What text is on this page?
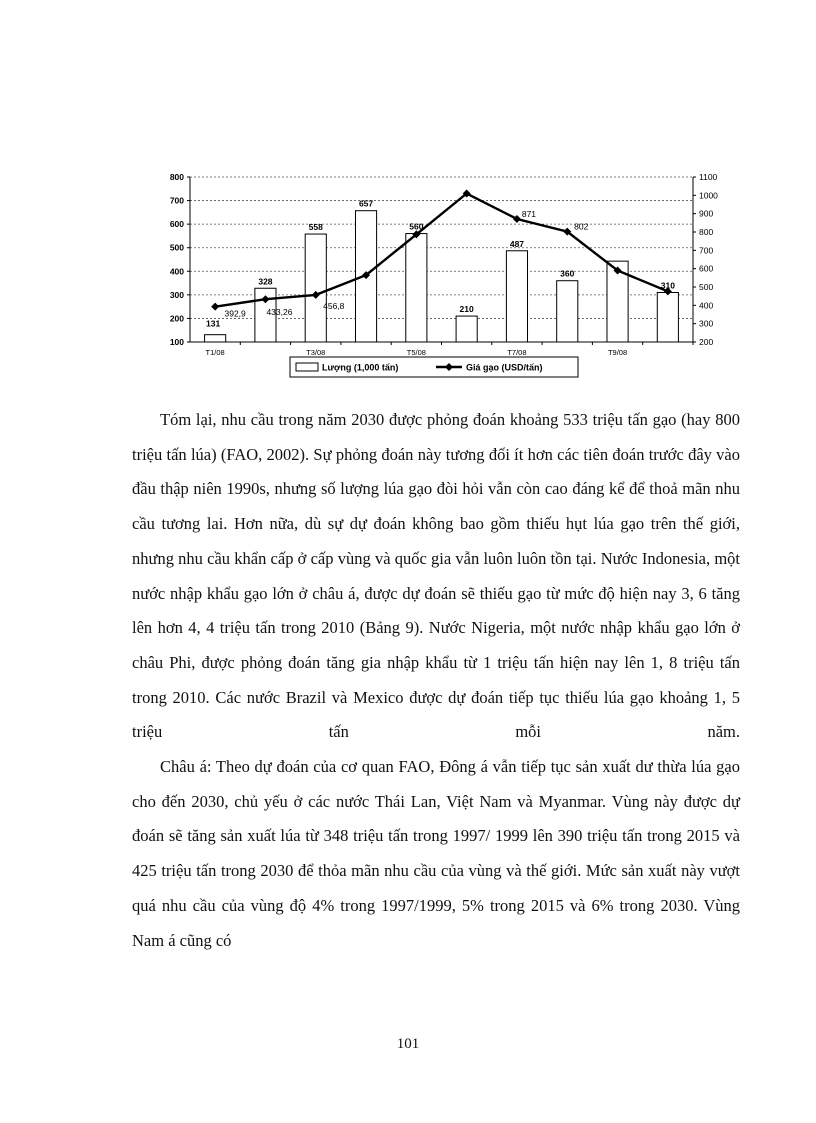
100
200
300
400
500
600
700
800
200
300
400
500
600
700
800
900
1000
1100
T1/08	T3/08	T5/08	T7/08	T9/08
131
328
558
657
560
210
487
360
310
392,9 433,26
456,8
871
802
Lượng (1,000 tấn)	Giá gạo (USD/tấn)

Tóm lại, nhu cầu trong năm 2030 được phỏng đoán khoảng 533 triệu tấn gạo (hay 800 triệu tấn lúa) (FAO, 2002). Sự phỏng đoán này tương đối ít hơn các tiên đoán trước đây vào đầu thập niên 1990s, nhưng số lượng lúa gạo đòi hỏi vẫn còn cao đáng kể để thoả mãn nhu cầu tương lai. Hơn nữa, dù sự dự đoán không bao gồm thiếu hụt lúa gạo trên thế giới, nhưng nhu cầu khẩn cấp ở cấp vùng và quốc gia vẫn luôn luôn tồn tại. Nước Indonesia, một nước nhập khẩu gạo lớn ở châu á, được dự đoán sẽ thiếu gạo từ mức độ hiện nay 3, 6 tăng lên hơn 4, 4 triệu tấn trong 2010 (Bảng 9). Nước Nigeria, một nước nhập khẩu gạo lớn ở châu Phi, được phỏng đoán tăng gia nhập khẩu từ 1 triệu tấn hiện nay lên 1, 8 triệu tấn trong 2010. Các nước Brazil và Mexico được dự đoán tiếp tục thiếu lúa gạo khoảng 1, 5 triệu tấn mỗi năm.

Châu á: Theo dự đoán của cơ quan FAO, Đông á vẫn tiếp tục sản xuất dư thừa lúa gạo cho đến 2030, chủ yếu ở các nước Thái Lan, Việt Nam và Myanmar. Vùng này được dự đoán sẽ tăng sản xuất lúa từ 348 triệu tấn trong 1997/ 1999 lên 390 triệu tấn trong 2015 và 425 triệu tấn trong 2030 để thỏa mãn nhu cầu của vùng và thế giới. Mức sản xuất này vượt quá nhu cầu của vùng độ 4% trong 1997/1999, 5% trong 2015 và 6% trong 2030. Vùng Nam á cũng có

101
